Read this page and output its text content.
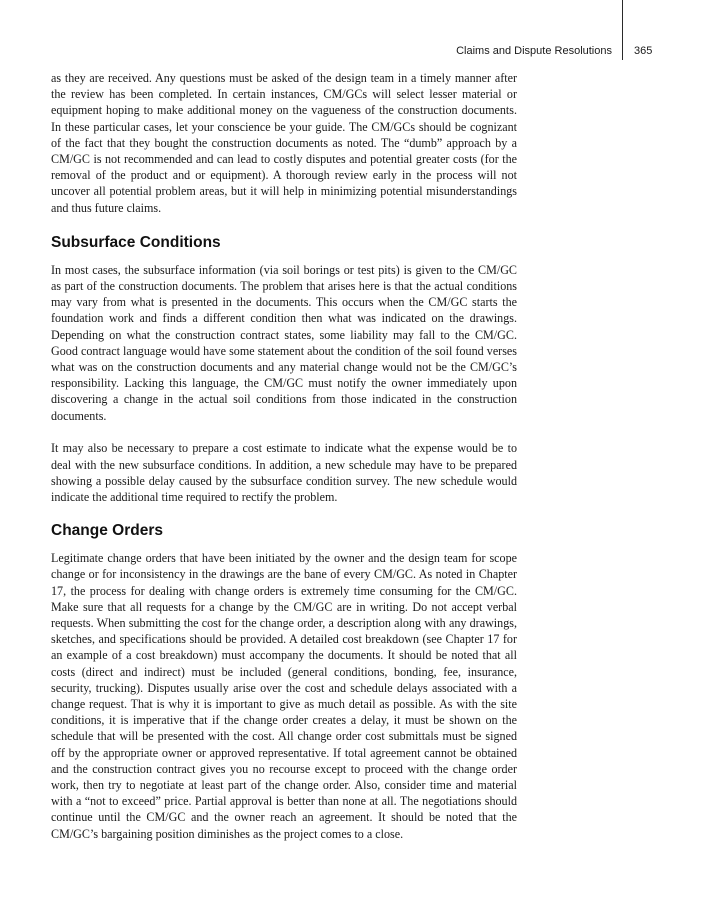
Claims and Dispute Resolutions 365

as they are received. Any questions must be asked of the design team in a timely manner after the review has been completed. In certain instances, CM/GCs will select lesser material or equipment hoping to make additional money on the vagueness of the construction documents. In these particular cases, let your conscience be your guide. The CM/GCs should be cognizant of the fact that they bought the construction documents as noted. The “dumb” approach by a CM/GC is not recommended and can lead to costly disputes and potential greater costs (for the removal of the product and or equipment). A thorough review early in the process will not uncover all potential problem areas, but it will help in minimizing potential misunderstandings and thus future claims.

Subsurface Conditions

In most cases, the subsurface information (via soil borings or test pits) is given to the CM/GC as part of the construction documents. The problem that arises here is that the actual conditions may vary from what is presented in the documents. This occurs when the CM/GC starts the foundation work and finds a different condition then what was indicated on the drawings. Depending on what the construction contract states, some liability may fall to the CM/GC. Good contract language would have some statement about the condition of the soil found verses what was on the construction documents and any material change would not be the CM/GC’s responsibility. Lacking this language, the CM/GC must notify the owner immediately upon discovering a change in the actual soil conditions from those indicated in the construction documents.

It may also be necessary to prepare a cost estimate to indicate what the expense would be to deal with the new subsurface conditions. In addition, a new schedule may have to be prepared showing a possible delay caused by the subsurface condition survey. The new schedule would indicate the additional time required to rectify the problem.

Change Orders

Legitimate change orders that have been initiated by the owner and the design team for scope change or for inconsistency in the drawings are the bane of every CM/GC. As noted in Chapter 17, the process for dealing with change orders is extremely time consuming for the CM/GC. Make sure that all requests for a change by the CM/GC are in writing. Do not accept verbal requests. When submitting the cost for the change order, a description along with any drawings, sketches, and specifications should be provided. A detailed cost breakdown (see Chapter 17 for an example of a cost breakdown) must accompany the documents. It should be noted that all costs (direct and indirect) must be included (general conditions, bonding, fee, insurance, security, trucking). Disputes usually arise over the cost and schedule delays associated with a change request. That is why it is important to give as much detail as possible. As with the site conditions, it is imperative that if the change order creates a delay, it must be shown on the schedule that will be presented with the cost. All change order cost submittals must be signed off by the appropriate owner or approved representative. If total agreement cannot be obtained and the construction contract gives you no recourse except to proceed with the change order work, then try to negotiate at least part of the change order. Also, consider time and material with a “not to exceed” price. Partial approval is better than none at all. The negotiations should continue until the CM/GC and the owner reach an agreement. It should be noted that the CM/GC’s bargaining position diminishes as the project comes to a close.
